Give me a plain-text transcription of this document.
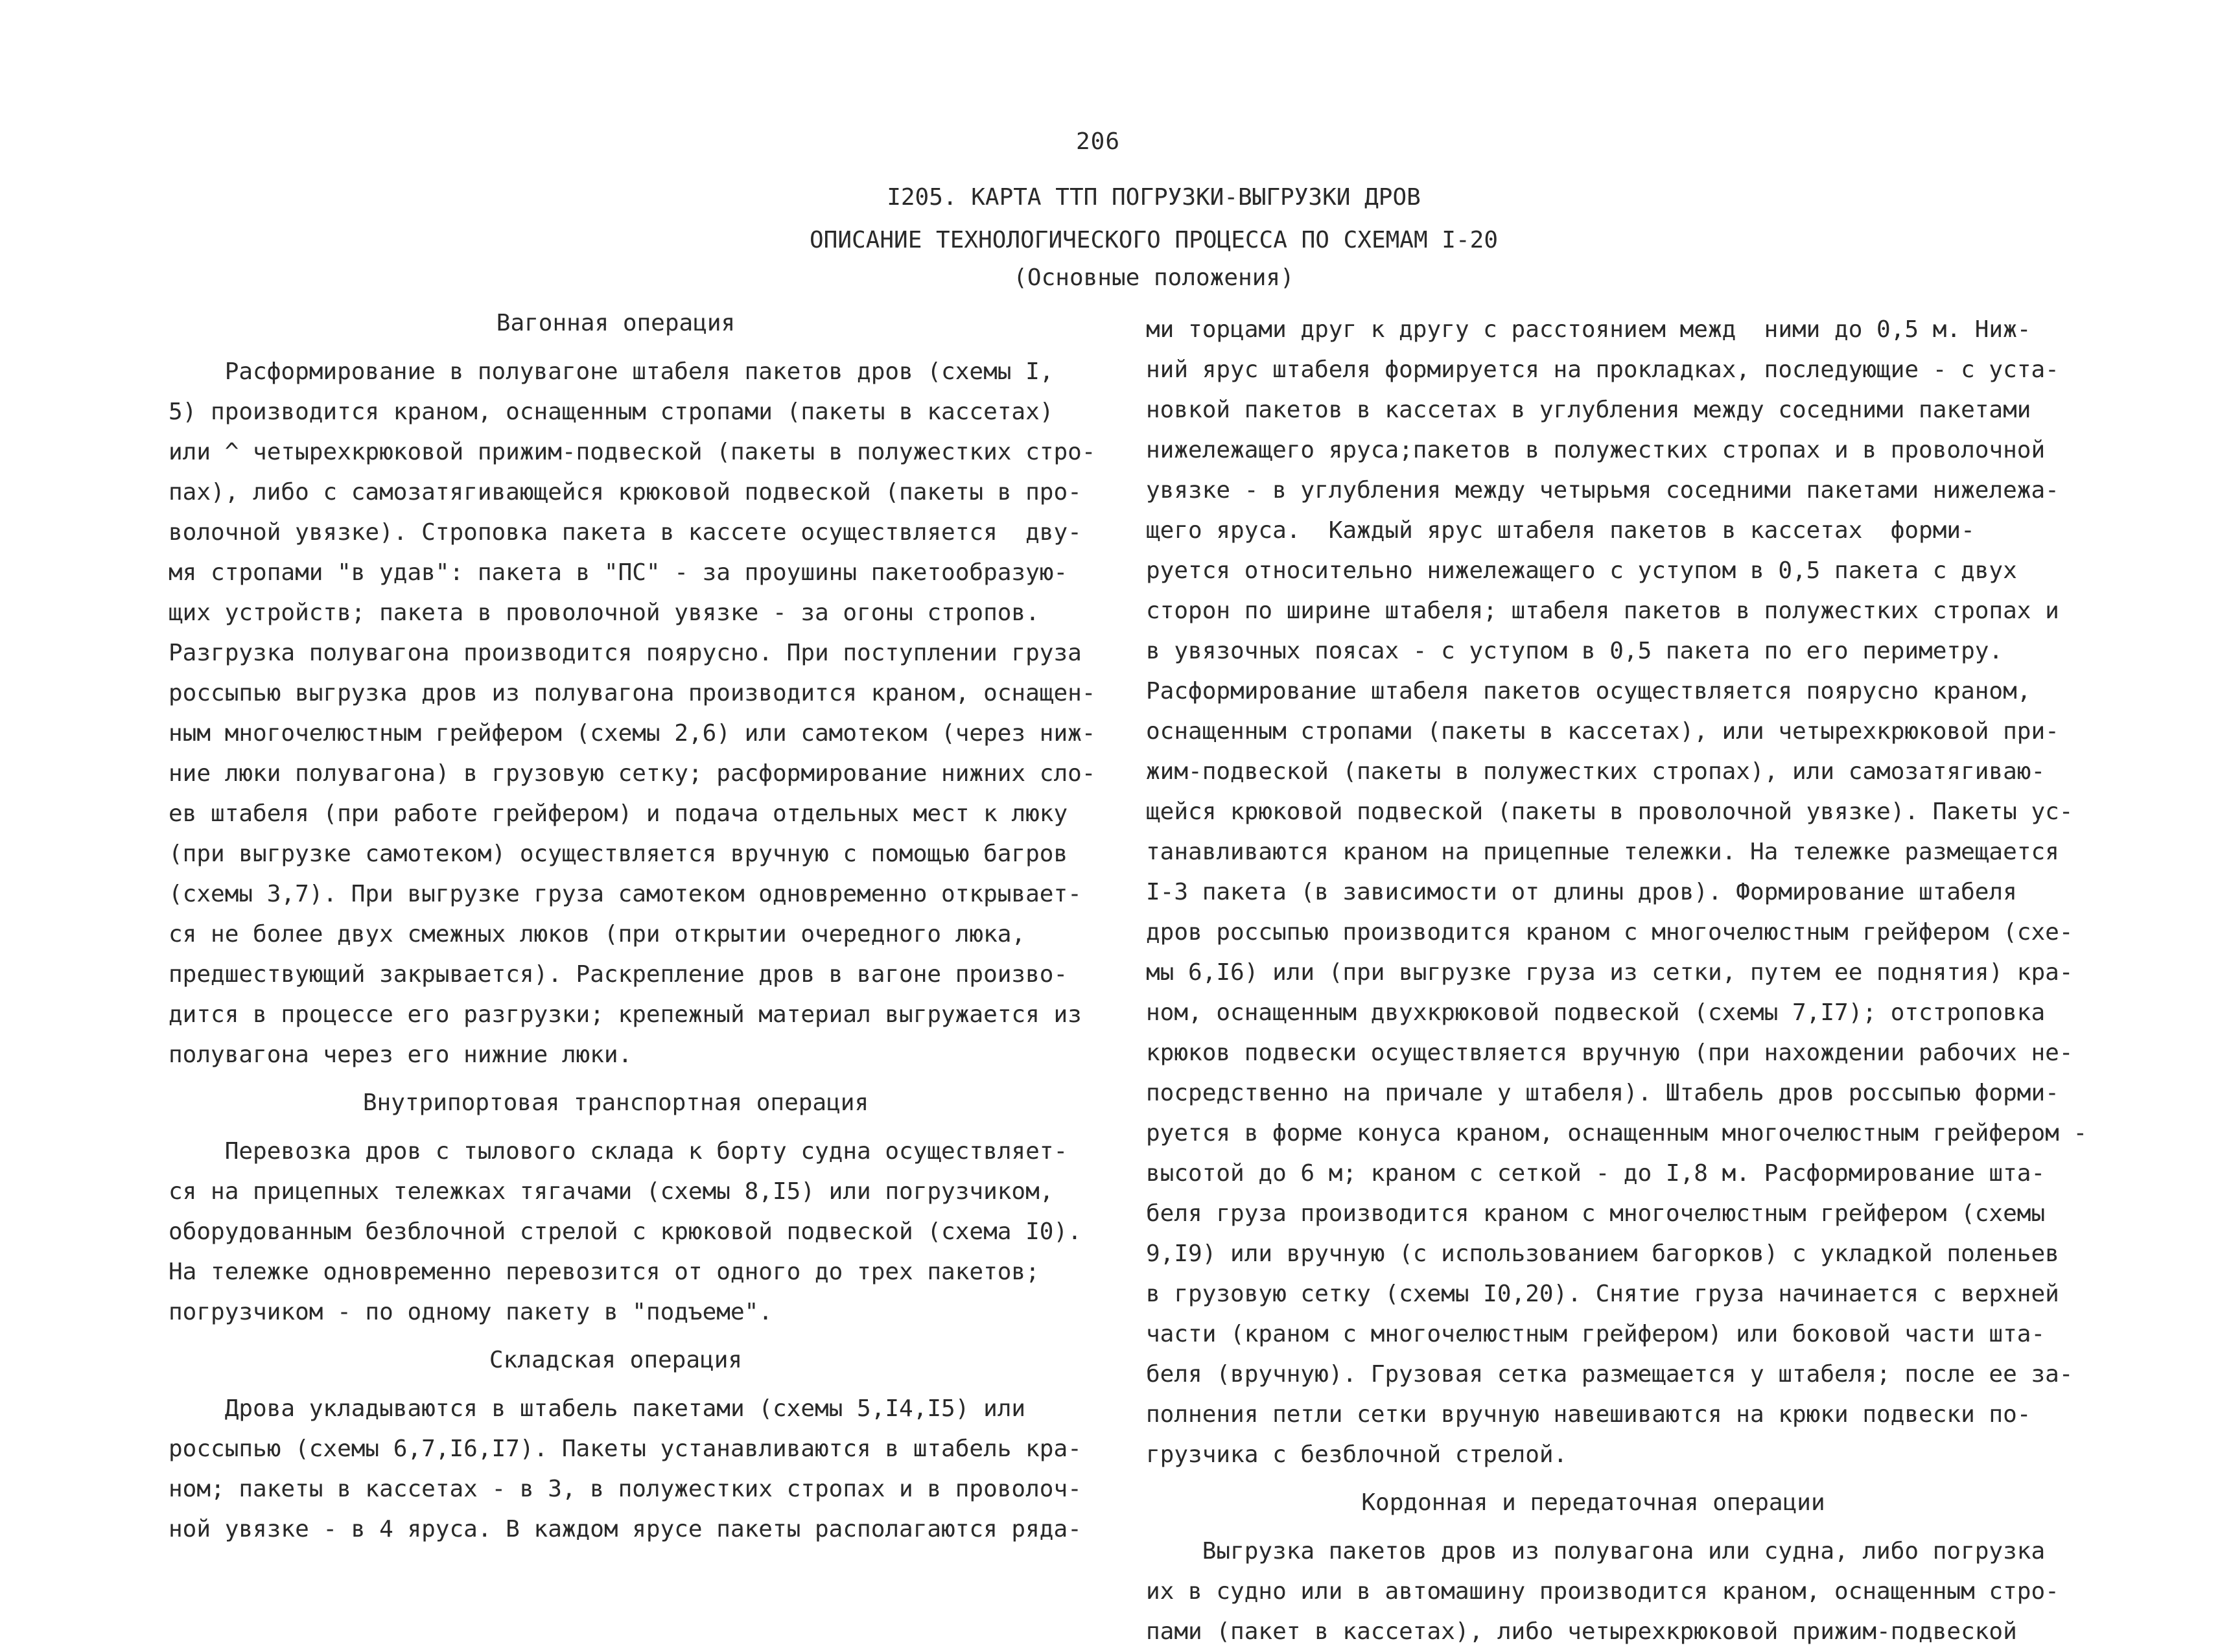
206
I205. КАРТА ТТП ПОГРУЗКИ-ВЫГРУЗКИ ДРОВ
ОПИСАНИЕ ТЕХНОЛОГИЧЕСКОГО ПРОЦЕССА ПО СХЕМАМ I-20
(Основные положения)
Вагонная операция

Расформирование в полувагоне штабеля пакетов дров (схемы I,

5) производится краном, оснащенным стропами (пакеты в кассетах)

или ^ четырехкрюковой прижим-подвеской (пакеты в полужестких стро-

пах), либо с самозатягивающейся крюковой подвеской (пакеты в про-

волочной увязке). Строповка пакета в кассете осуществляется  дву-

мя стропами "в удав": пакета в "ПС" - за проушины пакетообразую-

щих устройств; пакета в проволочной увязке - за огоны стропов.

Разгрузка полувагона производится поярусно. При поступлении груза

россыпью выгрузка дров из полувагона производится краном, оснащен-

ным многочелюстным грейфером (схемы 2,6) или самотеком (через ниж-

ние люки полувагона) в грузовую сетку; расформирование нижних сло-

ев штабеля (при работе грейфером) и подача отдельных мест к люку

(при выгрузке самотеком) осуществляется вручную с помощью багров

(схемы 3,7). При выгрузке груза самотеком одновременно открывает-

ся не более двух смежных люков (при открытии очередного люка,

предшествующий закрывается). Раскрепление дров в вагоне произво-

дится в процессе его разгрузки; крепежный материал выгружается из

полувагона через его нижние люки.

Внутрипортовая транспортная операция

Перевозка дров с тылового склада к борту судна осуществляет-

ся на прицепных тележках тягачами (схемы 8,I5) или погрузчиком,

оборудованным безблочной стрелой с крюковой подвеской (схема I0).

На тележке одновременно перевозится от одного до трех пакетов;

погрузчиком - по одному пакету в "подъеме".

Складская операция

Дрова укладываются в штабель пакетами (схемы 5,I4,I5) или

россыпью (схемы 6,7,I6,I7). Пакеты устанавливаются в штабель кра-

ном; пакеты в кассетах - в 3, в полужестких стропах и в проволоч-

ной увязке - в 4 яруса. В каждом ярусе пакеты располагаются ряда-

ми торцами друг к другу с расстоянием межд  ними до 0,5 м. Ниж-

ний ярус штабеля формируется на прокладках, последующие - с уста-

новкой пакетов в кассетах в углубления между соседними пакетами

нижележащего яруса;пакетов в полужестких стропах и в проволочной

увязке - в углубления между четырьмя соседними пакетами нижележа-

щего яруса.  Каждый ярус штабеля пакетов в кассетах  форми-

руется относительно нижележащего с уступом в 0,5 пакета с двух

сторон по ширине штабеля; штабеля пакетов в полужестких стропах и

в увязочных поясах - с уступом в 0,5 пакета по его периметру.

Расформирование штабеля пакетов осуществляется поярусно краном,

оснащенным стропами (пакеты в кассетах), или четырехкрюковой при-

жим-подвеской (пакеты в полужестких стропах), или самозатягиваю-

щейся крюковой подвеской (пакеты в проволочной увязке). Пакеты ус-

танавливаются краном на прицепные тележки. На тележке размещается

I-3 пакета (в зависимости от длины дров). Формирование штабеля

дров россыпью производится краном с многочелюстным грейфером (схе-

мы 6,I6) или (при выгрузке груза из сетки, путем ее поднятия) кра-

ном, оснащенным двухкрюковой подвеской (схемы 7,I7); отстроповка

крюков подвески осуществляется вручную (при нахождении рабочих не-

посредственно на причале у штабеля). Штабель дров россыпью форми-

руется в форме конуса краном, оснащенным многочелюстным грейфером -

высотой до 6 м; краном с сеткой - до I,8 м. Расформирование шта-

беля груза производится краном с многочелюстным грейфером (схемы

9,I9) или вручную (с использованием багорков) с укладкой поленьев

в грузовую сетку (схемы I0,20). Снятие груза начинается с верхней

части (краном с многочелюстным грейфером) или боковой части шта-

беля (вручную). Грузовая сетка размещается у штабеля; после ее за-

полнения петли сетки вручную навешиваются на крюки подвески по-

грузчика с безблочной стрелой.

Кордонная и передаточная операции

Выгрузка пакетов дров из полувагона или судна, либо погрузка

их в судно или в автомашину производится краном, оснащенным стро-

пами (пакет в кассетах), либо четырехкрюковой прижим-подвеской
